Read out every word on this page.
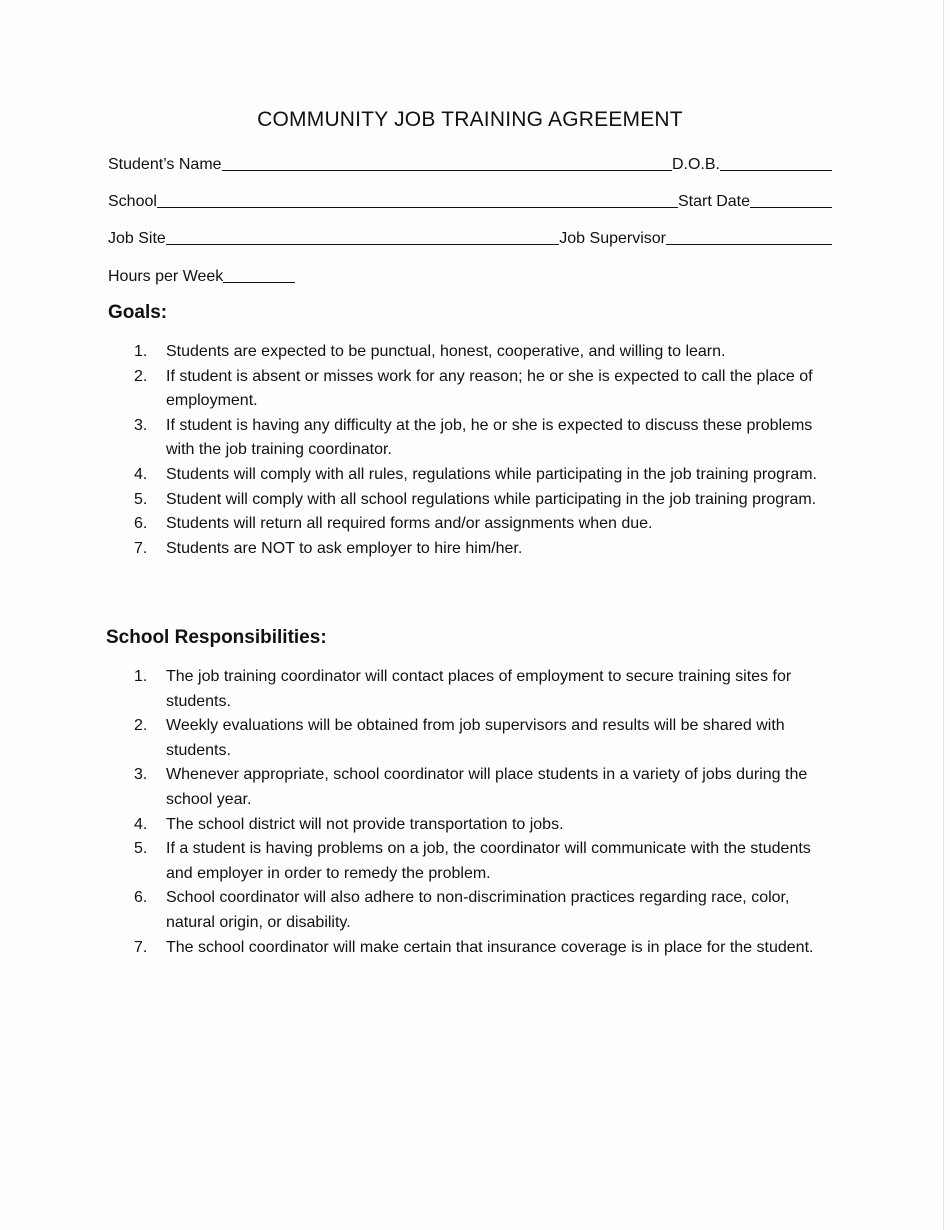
COMMUNITY JOB TRAINING AGREEMENT
Student’s Name	D.O.B.
School	Start Date
Job Site	Job Supervisor
Hours per Week
Goals:
1.	Students are expected to be punctual, honest, cooperative, and willing to learn.
2.	If student is absent or misses work for any reason; he or she is expected to call the place of employment.
3.	If student is having any difficulty at the job, he or she is expected to discuss these problems with the job training coordinator.
4.	Students will comply with all rules, regulations while participating in the job training program.
5.	Student will comply with all school regulations while participating in the job training program.
6.	Students will return all required forms and/or assignments when due.
7.	Students are NOT to ask employer to hire him/her.
School Responsibilities:
1.	The job training coordinator will contact places of employment to secure training sites for students.
2.	Weekly evaluations will be obtained from job supervisors and results will be shared with students.
3.	Whenever appropriate, school coordinator will place students in a variety of jobs during the school year.
4.	The school district will not provide transportation to jobs.
5.	If a student is having problems on a job, the coordinator will communicate with the students and employer in order to remedy the problem.
6.	School coordinator will also adhere to non-discrimination practices regarding race, color, natural origin, or disability.
7.	The school coordinator will make certain that insurance coverage is in place for the student.
